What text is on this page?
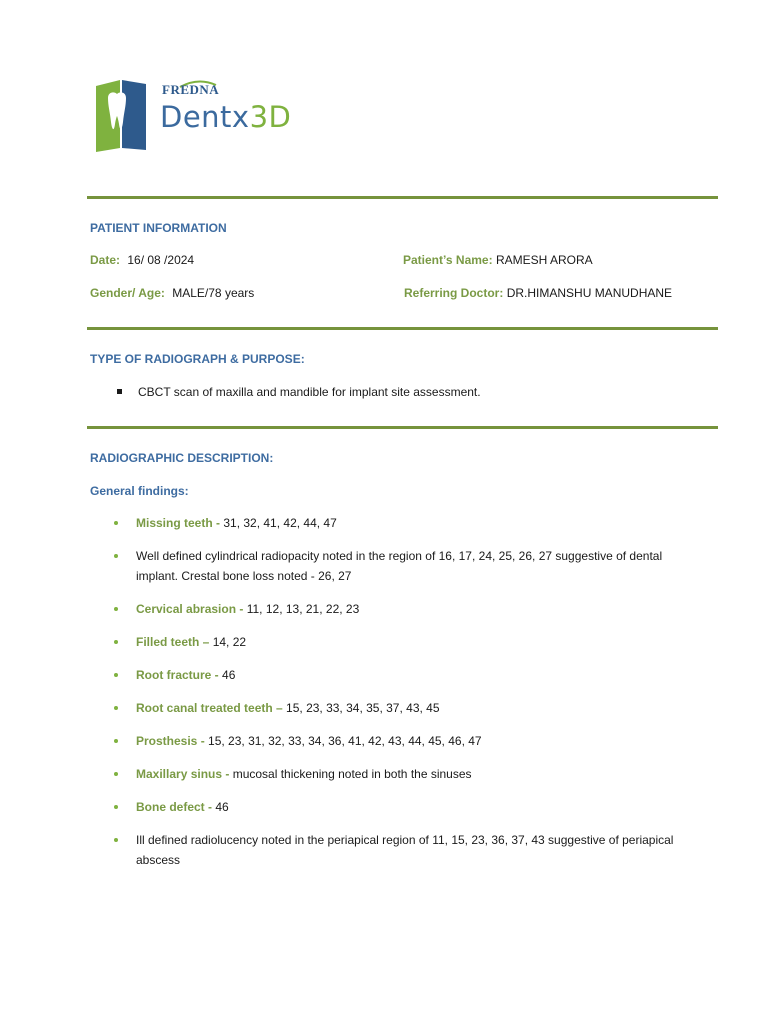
FREDNA
Dentx3D
PATIENT INFORMATION
Date: 16/ 08 /2024	Patient’s Name: RAMESH ARORA
Gender/ Age: MALE/78 years	Referring Doctor: DR.HIMANSHU MANUDHANE
TYPE OF RADIOGRAPH & PURPOSE:
CBCT scan of maxilla and mandible for implant site assessment.
RADIOGRAPHIC DESCRIPTION:
General findings:
Missing teeth - 31, 32, 41, 42, 44, 47
Well defined cylindrical radiopacity noted in the region of 16, 17, 24, 25, 26, 27 suggestive of dental implant. Crestal bone loss noted - 26, 27
Cervical abrasion - 11, 12, 13, 21, 22, 23
Filled teeth – 14, 22
Root fracture - 46
Root canal treated teeth – 15, 23, 33, 34, 35, 37, 43, 45
Prosthesis - 15, 23, 31, 32, 33, 34, 36, 41, 42, 43, 44, 45, 46, 47
Maxillary sinus - mucosal thickening noted in both the sinuses
Bone defect - 46
Ill defined radiolucency noted in the periapical region of 11, 15, 23, 36, 37, 43 suggestive of periapical abscess
